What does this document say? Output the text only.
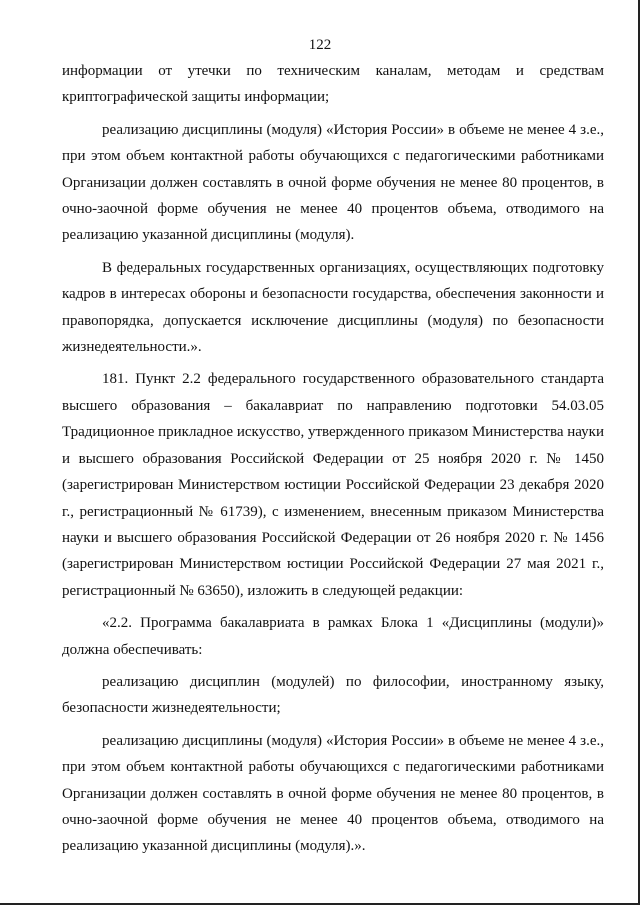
122

информации от утечки по техническим каналам, методам и средствам криптографической защиты информации;

реализацию дисциплины (модуля) «История России» в объеме не менее 4 з.е., при этом объем контактной работы обучающихся с педагогическими работниками Организации должен составлять в очной форме обучения не менее 80 процентов, в очно-заочной форме обучения не менее 40 процентов объема, отводимого на реализацию указанной дисциплины (модуля).

В федеральных государственных организациях, осуществляющих подготовку кадров в интересах обороны и безопасности государства, обеспечения законности и правопорядка, допускается исключение дисциплины (модуля) по безопасности жизнедеятельности.».

181. Пункт 2.2 федерального государственного образовательного стандарта высшего образования – бакалавриат по направлению подготовки 54.03.05 Традиционное прикладное искусство, утвержденного приказом Министерства науки и высшего образования Российской Федерации от 25 ноября 2020 г. № 1450 (зарегистрирован Министерством юстиции Российской Федерации 23 декабря 2020 г., регистрационный № 61739), с изменением, внесенным приказом Министерства науки и высшего образования Российской Федерации от 26 ноября 2020 г. № 1456 (зарегистрирован Министерством юстиции Российской Федерации 27 мая 2021 г., регистрационный № 63650), изложить в следующей редакции:

«2.2. Программа бакалавриата в рамках Блока 1 «Дисциплины (модули)» должна обеспечивать:

реализацию дисциплин (модулей) по философии, иностранному языку, безопасности жизнедеятельности;

реализацию дисциплины (модуля) «История России» в объеме не менее 4 з.е., при этом объем контактной работы обучающихся с педагогическими работниками Организации должен составлять в очной форме обучения не менее 80 процентов, в очно-заочной форме обучения не менее 40 процентов объема, отводимого на реализацию указанной дисциплины (модуля).».
